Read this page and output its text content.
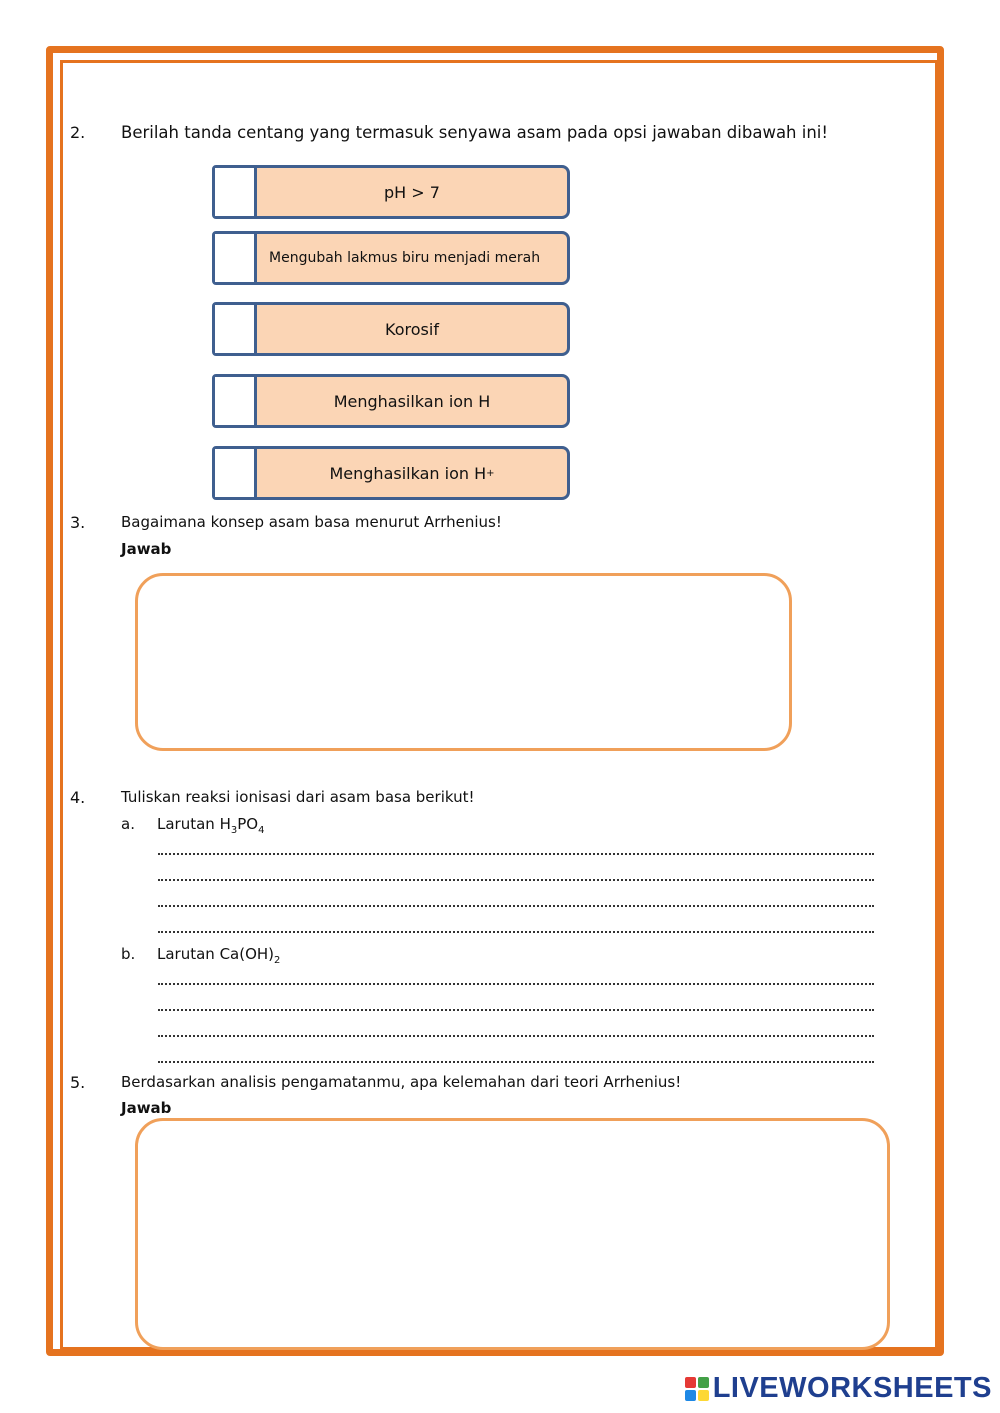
2. Berilah tanda centang yang termasuk senyawa asam pada opsi jawaban dibawah ini!
pH > 7
Mengubah lakmus biru menjadi merah
Korosif
Menghasilkan ion H
Menghasilkan ion H +
3. Bagaimana konsep asam basa menurut Arrhenius!
Jawab
4. Tuliskan reaksi ionisasi dari asam basa berikut!
a. Larutan $H_3PO_4$
b. Larutan $Ca(OH)_2$
5. Berdasarkan analisis pengamatanmu, apa kelemahan dari teori Arrhenius!
Jawab
LIVEWORKSHEETS
